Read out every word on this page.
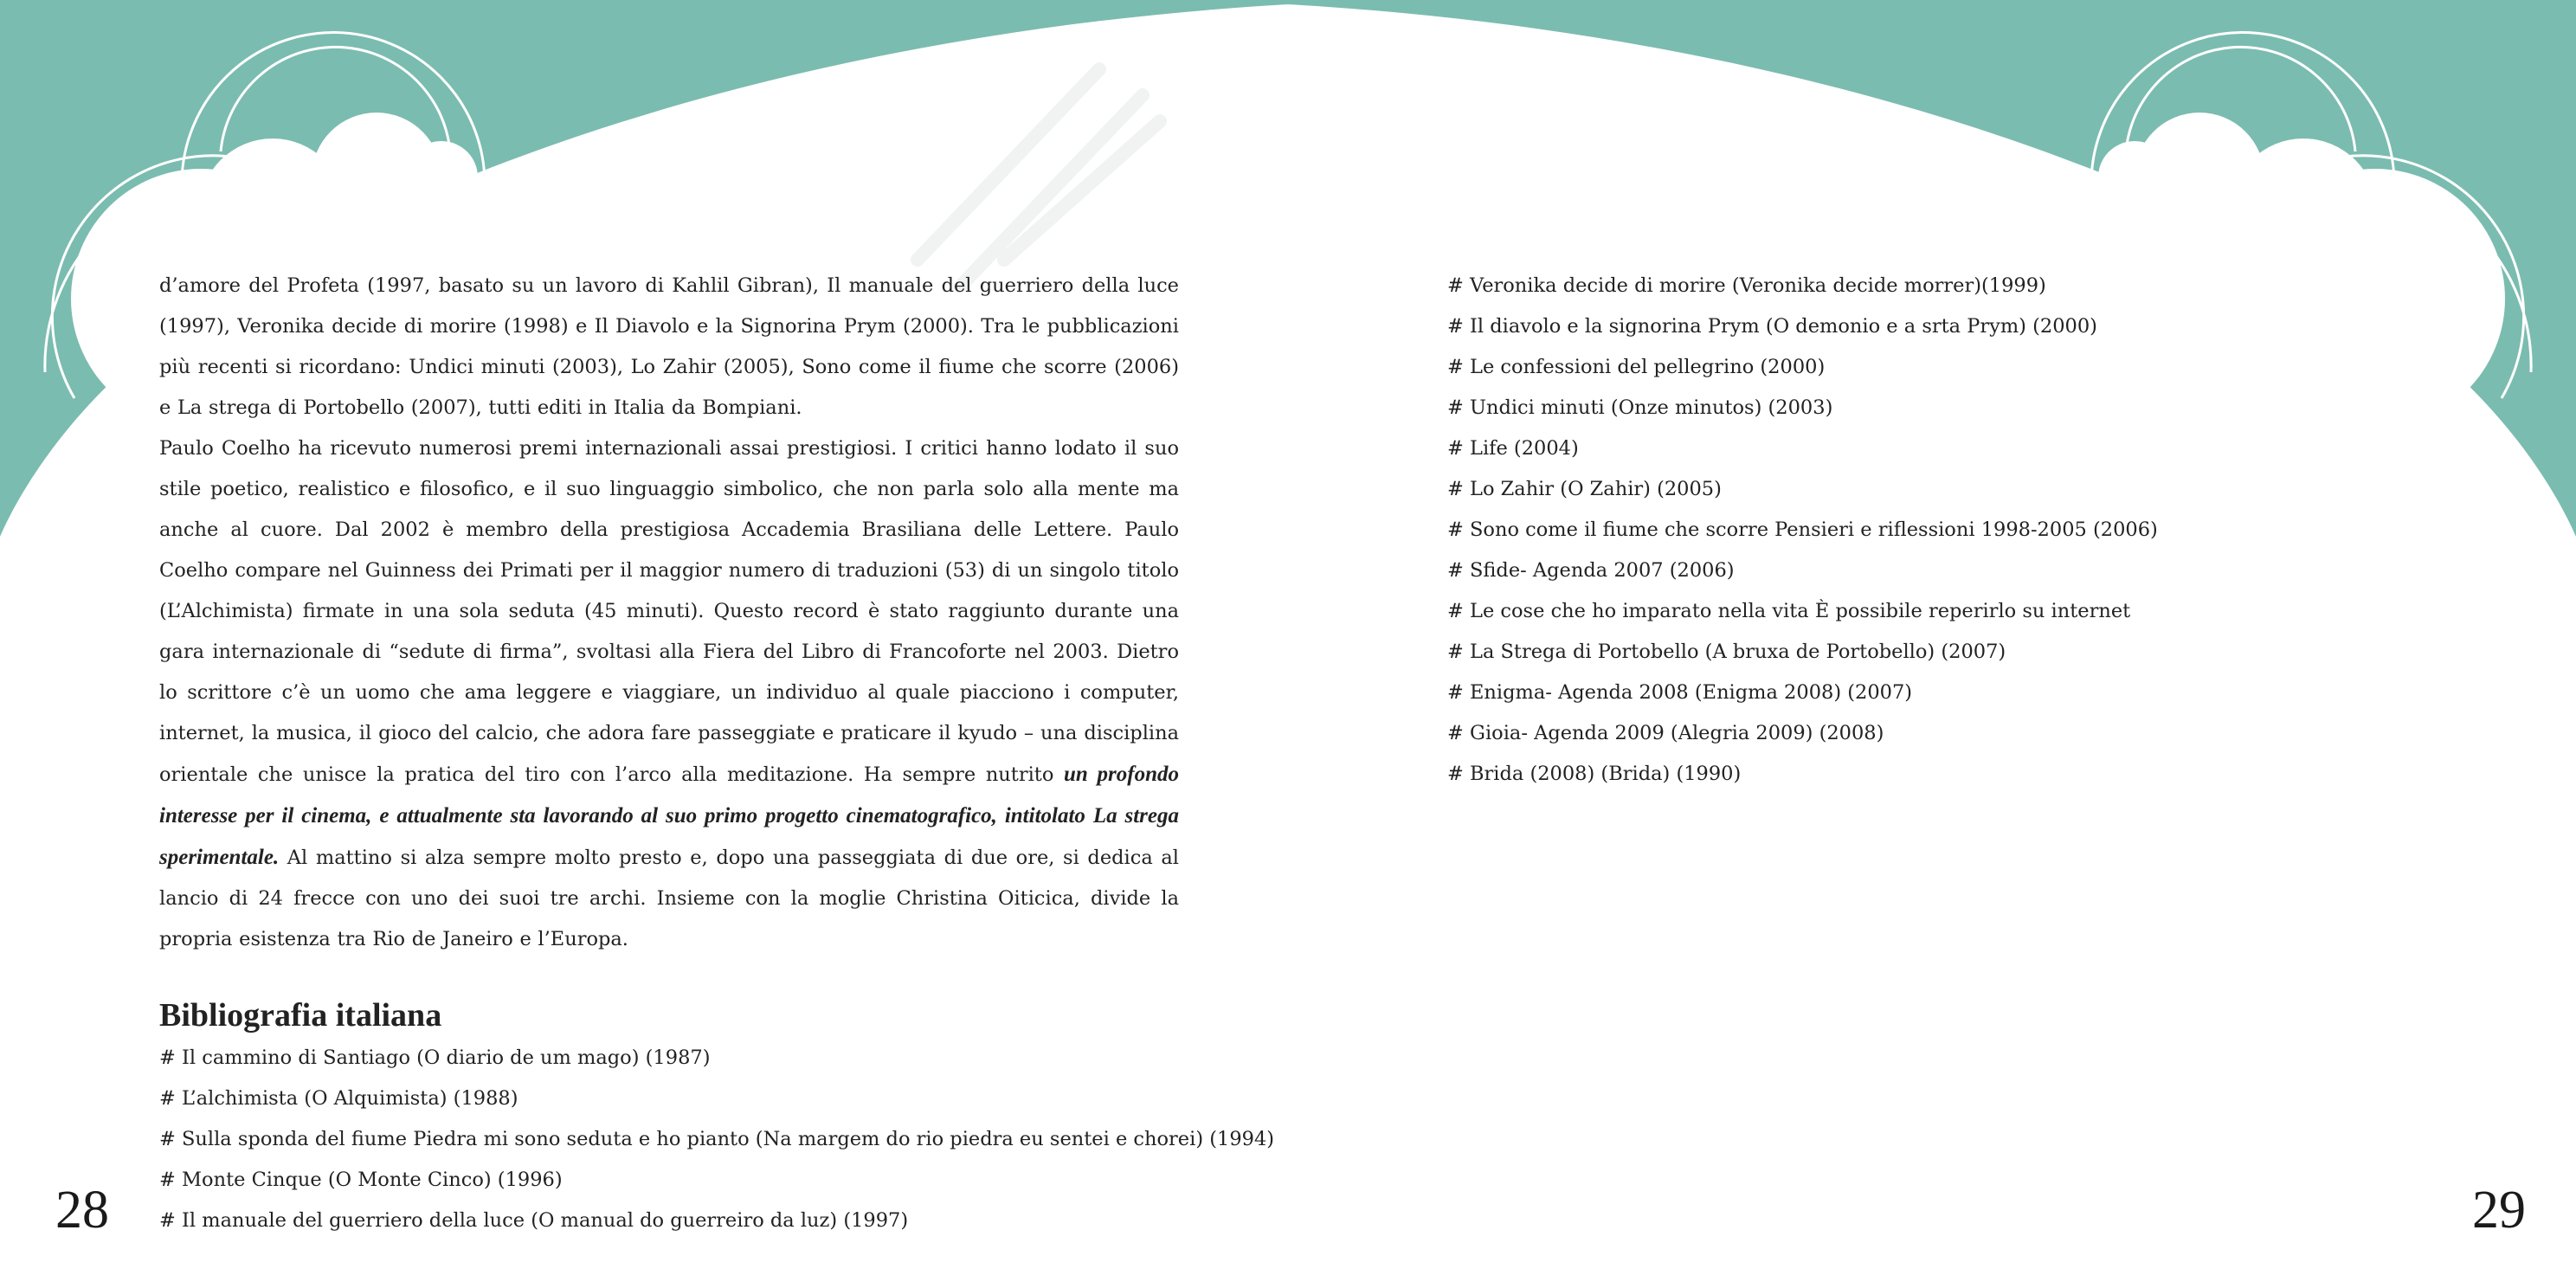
d’amore del Profeta (1997, basato su un lavoro di Kahlil Gibran), Il manuale del guerriero della luce (1997), Veronika decide di morire (1998) e Il Diavolo e la Signorina Prym (2000). Tra le pubblicazioni più recenti si ricordano: Undici minuti (2003), Lo Zahir (2005), Sono come il fiume che scorre (2006) e La strega di Portobello (2007), tutti editi in Italia da Bompiani.

Paulo Coelho ha ricevuto numerosi premi internazionali assai prestigiosi. I critici hanno lodato il suo stile poetico, realistico e filosofico, e il suo linguaggio simbolico, che non parla solo alla mente ma anche al cuore. Dal 2002 è membro della prestigiosa Accademia Brasiliana delle Lettere. Paulo Coelho compare nel Guinness dei Primati per il maggior numero di traduzioni (53) di un singolo titolo (L’Alchimista) firmate in una sola seduta (45 minuti). Questo record è stato raggiunto durante una gara internazionale di “sedute di firma”, svoltasi alla Fiera del Libro di Francoforte nel 2003. Dietro lo scrittore c’è un uomo che ama leggere e viaggiare, un individuo al quale piacciono i computer, internet, la musica, il gioco del calcio, che adora fare passeggiate e praticare il kyudo – una disciplina orientale che unisce la pratica del tiro con l’arco alla meditazione. Ha sempre nutrito un profondo interesse per il cinema, e attualmente sta lavorando al suo primo progetto cinematografico, intitolato La strega sperimentale. Al mattino si alza sempre molto presto e, dopo una passeggiata di due ore, si dedica al lancio di 24 frecce con uno dei suoi tre archi. Insieme con la moglie Christina Oiticica, divide la propria esistenza tra Rio de Janeiro e l’Europa.

Bibliografia italiana
# Il cammino di Santiago (O diario de um mago) (1987)
# L’alchimista (O Alquimista) (1988)
# Sulla sponda del fiume Piedra mi sono seduta e ho pianto (Na margem do rio piedra eu sentei e chorei) (1994)
# Monte Cinque (O Monte Cinco) (1996)
# Il manuale del guerriero della luce (O manual do guerreiro da luz) (1997)
# Veronika decide di morire (Veronika decide morrer)(1999)
# Il diavolo e la signorina Prym (O demonio e a srta Prym) (2000)
# Le confessioni del pellegrino (2000)
# Undici minuti (Onze minutos) (2003)
# Life (2004)
# Lo Zahir (O Zahir) (2005)
# Sono come il fiume che scorre Pensieri e riflessioni 1998-2005 (2006)
# Sfide- Agenda 2007 (2006)
# Le cose che ho imparato nella vita È possibile reperirlo su internet
# La Strega di Portobello (A bruxa de Portobello) (2007)
# Enigma- Agenda 2008 (Enigma 2008) (2007)
# Gioia- Agenda 2009 (Alegria 2009) (2008)
# Brida (2008) (Brida) (1990)
28	29
